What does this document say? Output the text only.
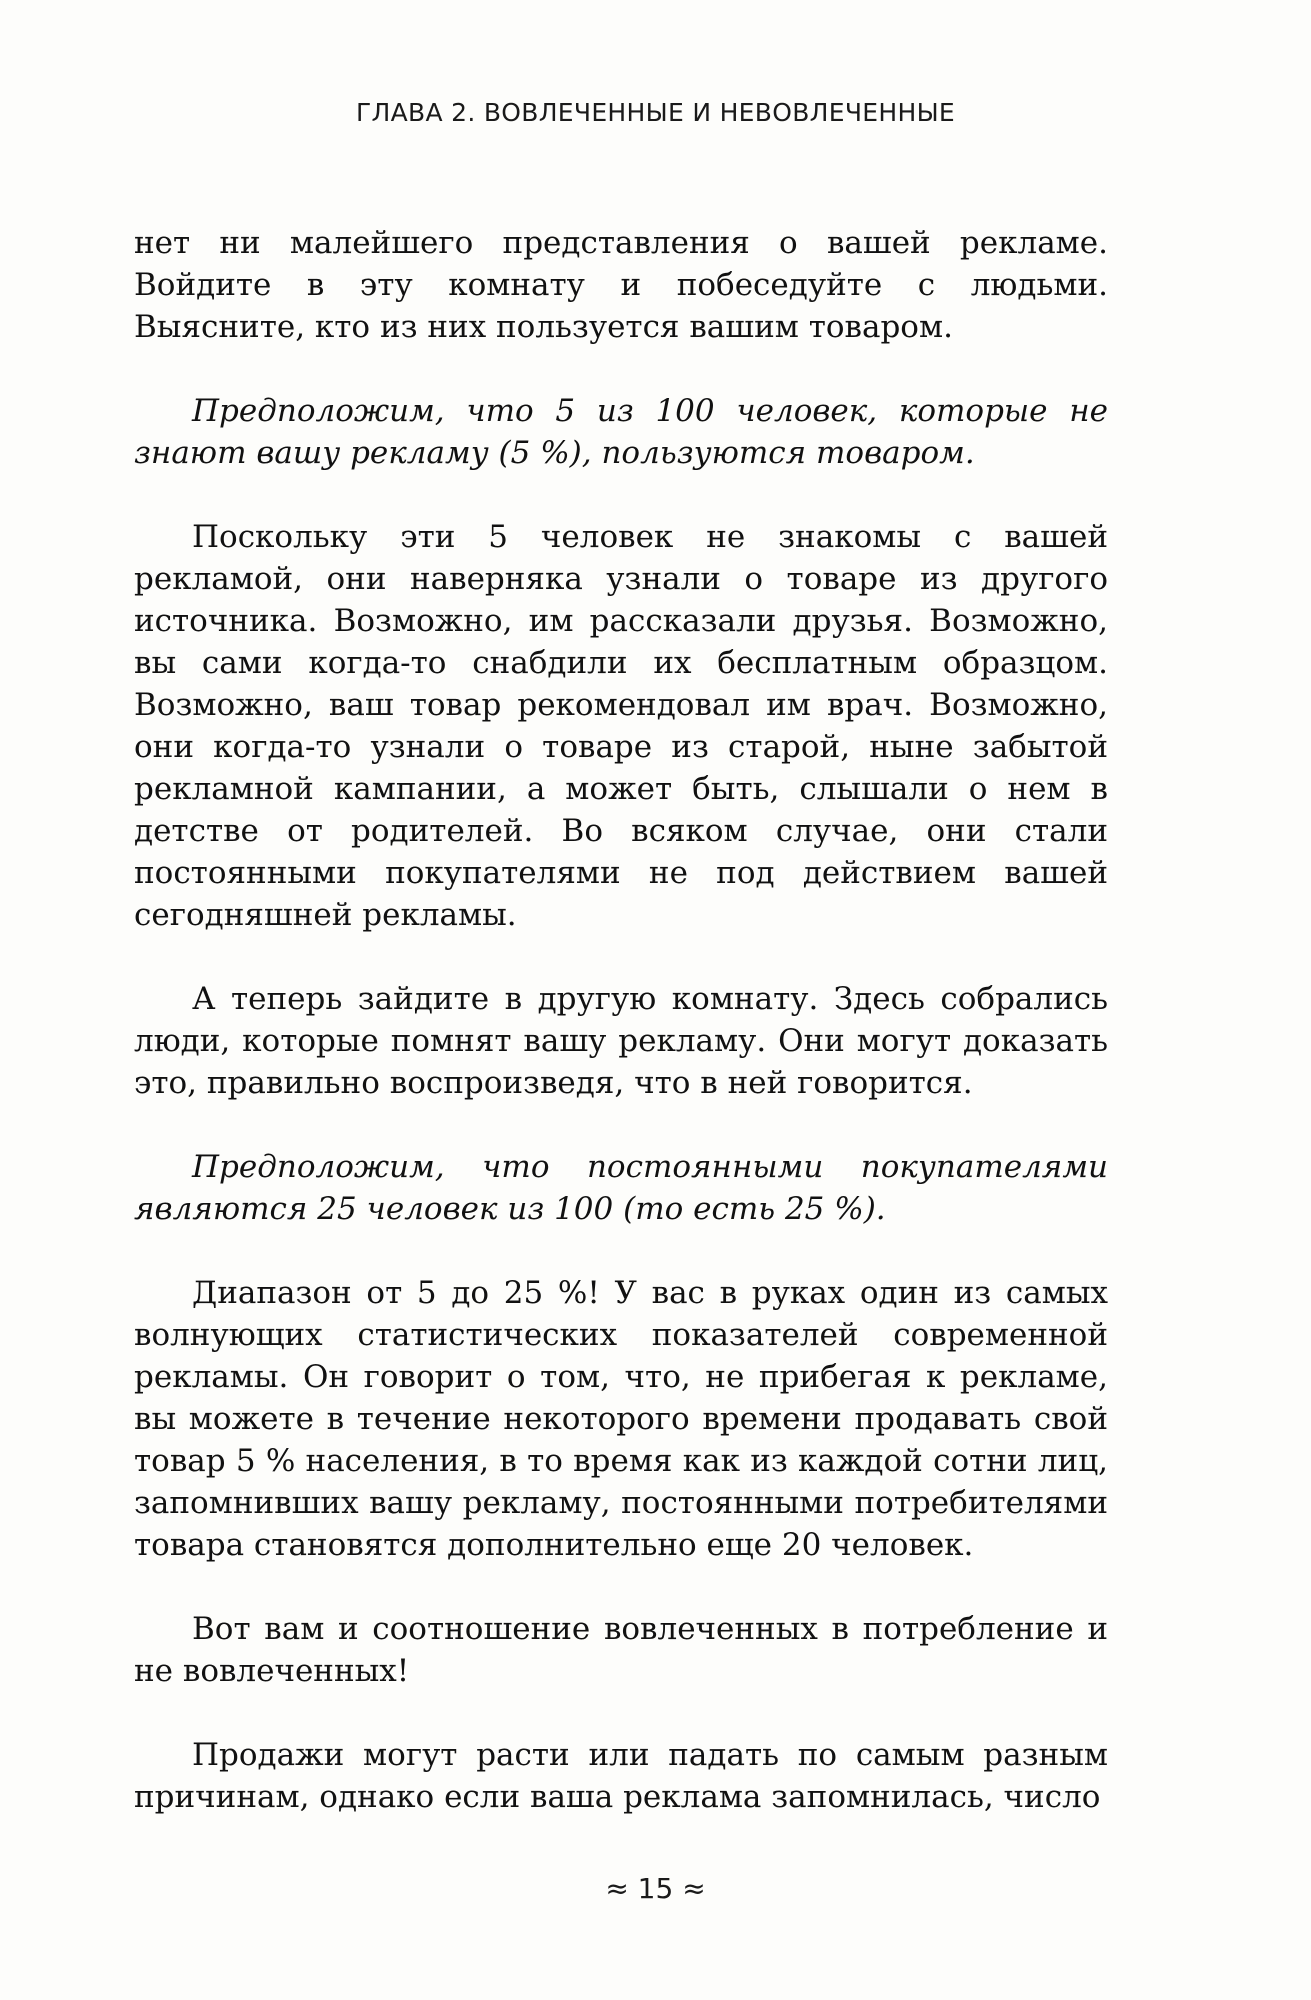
ГЛАВА 2. ВОВЛЕЧЕННЫЕ И НЕВОВЛЕЧЕННЫЕ

нет ни малейшего представления о вашей рекламе. Войдите в эту комнату и побеседуйте с людьми. Выясните, кто из них пользуется вашим товаром.

Предположим, что 5 из 100 человек, которые не знают вашу рекламу (5 %), пользуются товаром.

Поскольку эти 5 человек не знакомы с вашей рекламой, они наверняка узнали о товаре из другого источника. Возможно, им рассказали друзья. Возможно, вы сами когда-то снабдили их бесплатным образцом. Возможно, ваш товар рекомендовал им врач. Возможно, они когда-то узнали о товаре из старой, ныне забытой рекламной кампании, а может быть, слышали о нем в детстве от родителей. Во всяком случае, они стали постоянными покупателями не под действием вашей сегодняшней рекламы.

А теперь зайдите в другую комнату. Здесь собрались люди, которые помнят вашу рекламу. Они могут доказать это, правильно воспроизведя, что в ней говорится.

Предположим, что постоянными покупателями являются 25 человек из 100 (то есть 25 %).

Диапазон от 5 до 25 %! У вас в руках один из самых волнующих статистических показателей современной рекламы. Он говорит о том, что, не прибегая к рекламе, вы можете в течение некоторого времени продавать свой товар 5 % населения, в то время как из каждой сотни лиц, запомнивших вашу рекламу, постоянными потребителями товара становятся дополнительно еще 20 человек.

Вот вам и соотношение вовлеченных в потребление и не вовлеченных!

Продажи могут расти или падать по самым разным причинам, однако если ваша реклама запомнилась, число

≈ 15 ≈
